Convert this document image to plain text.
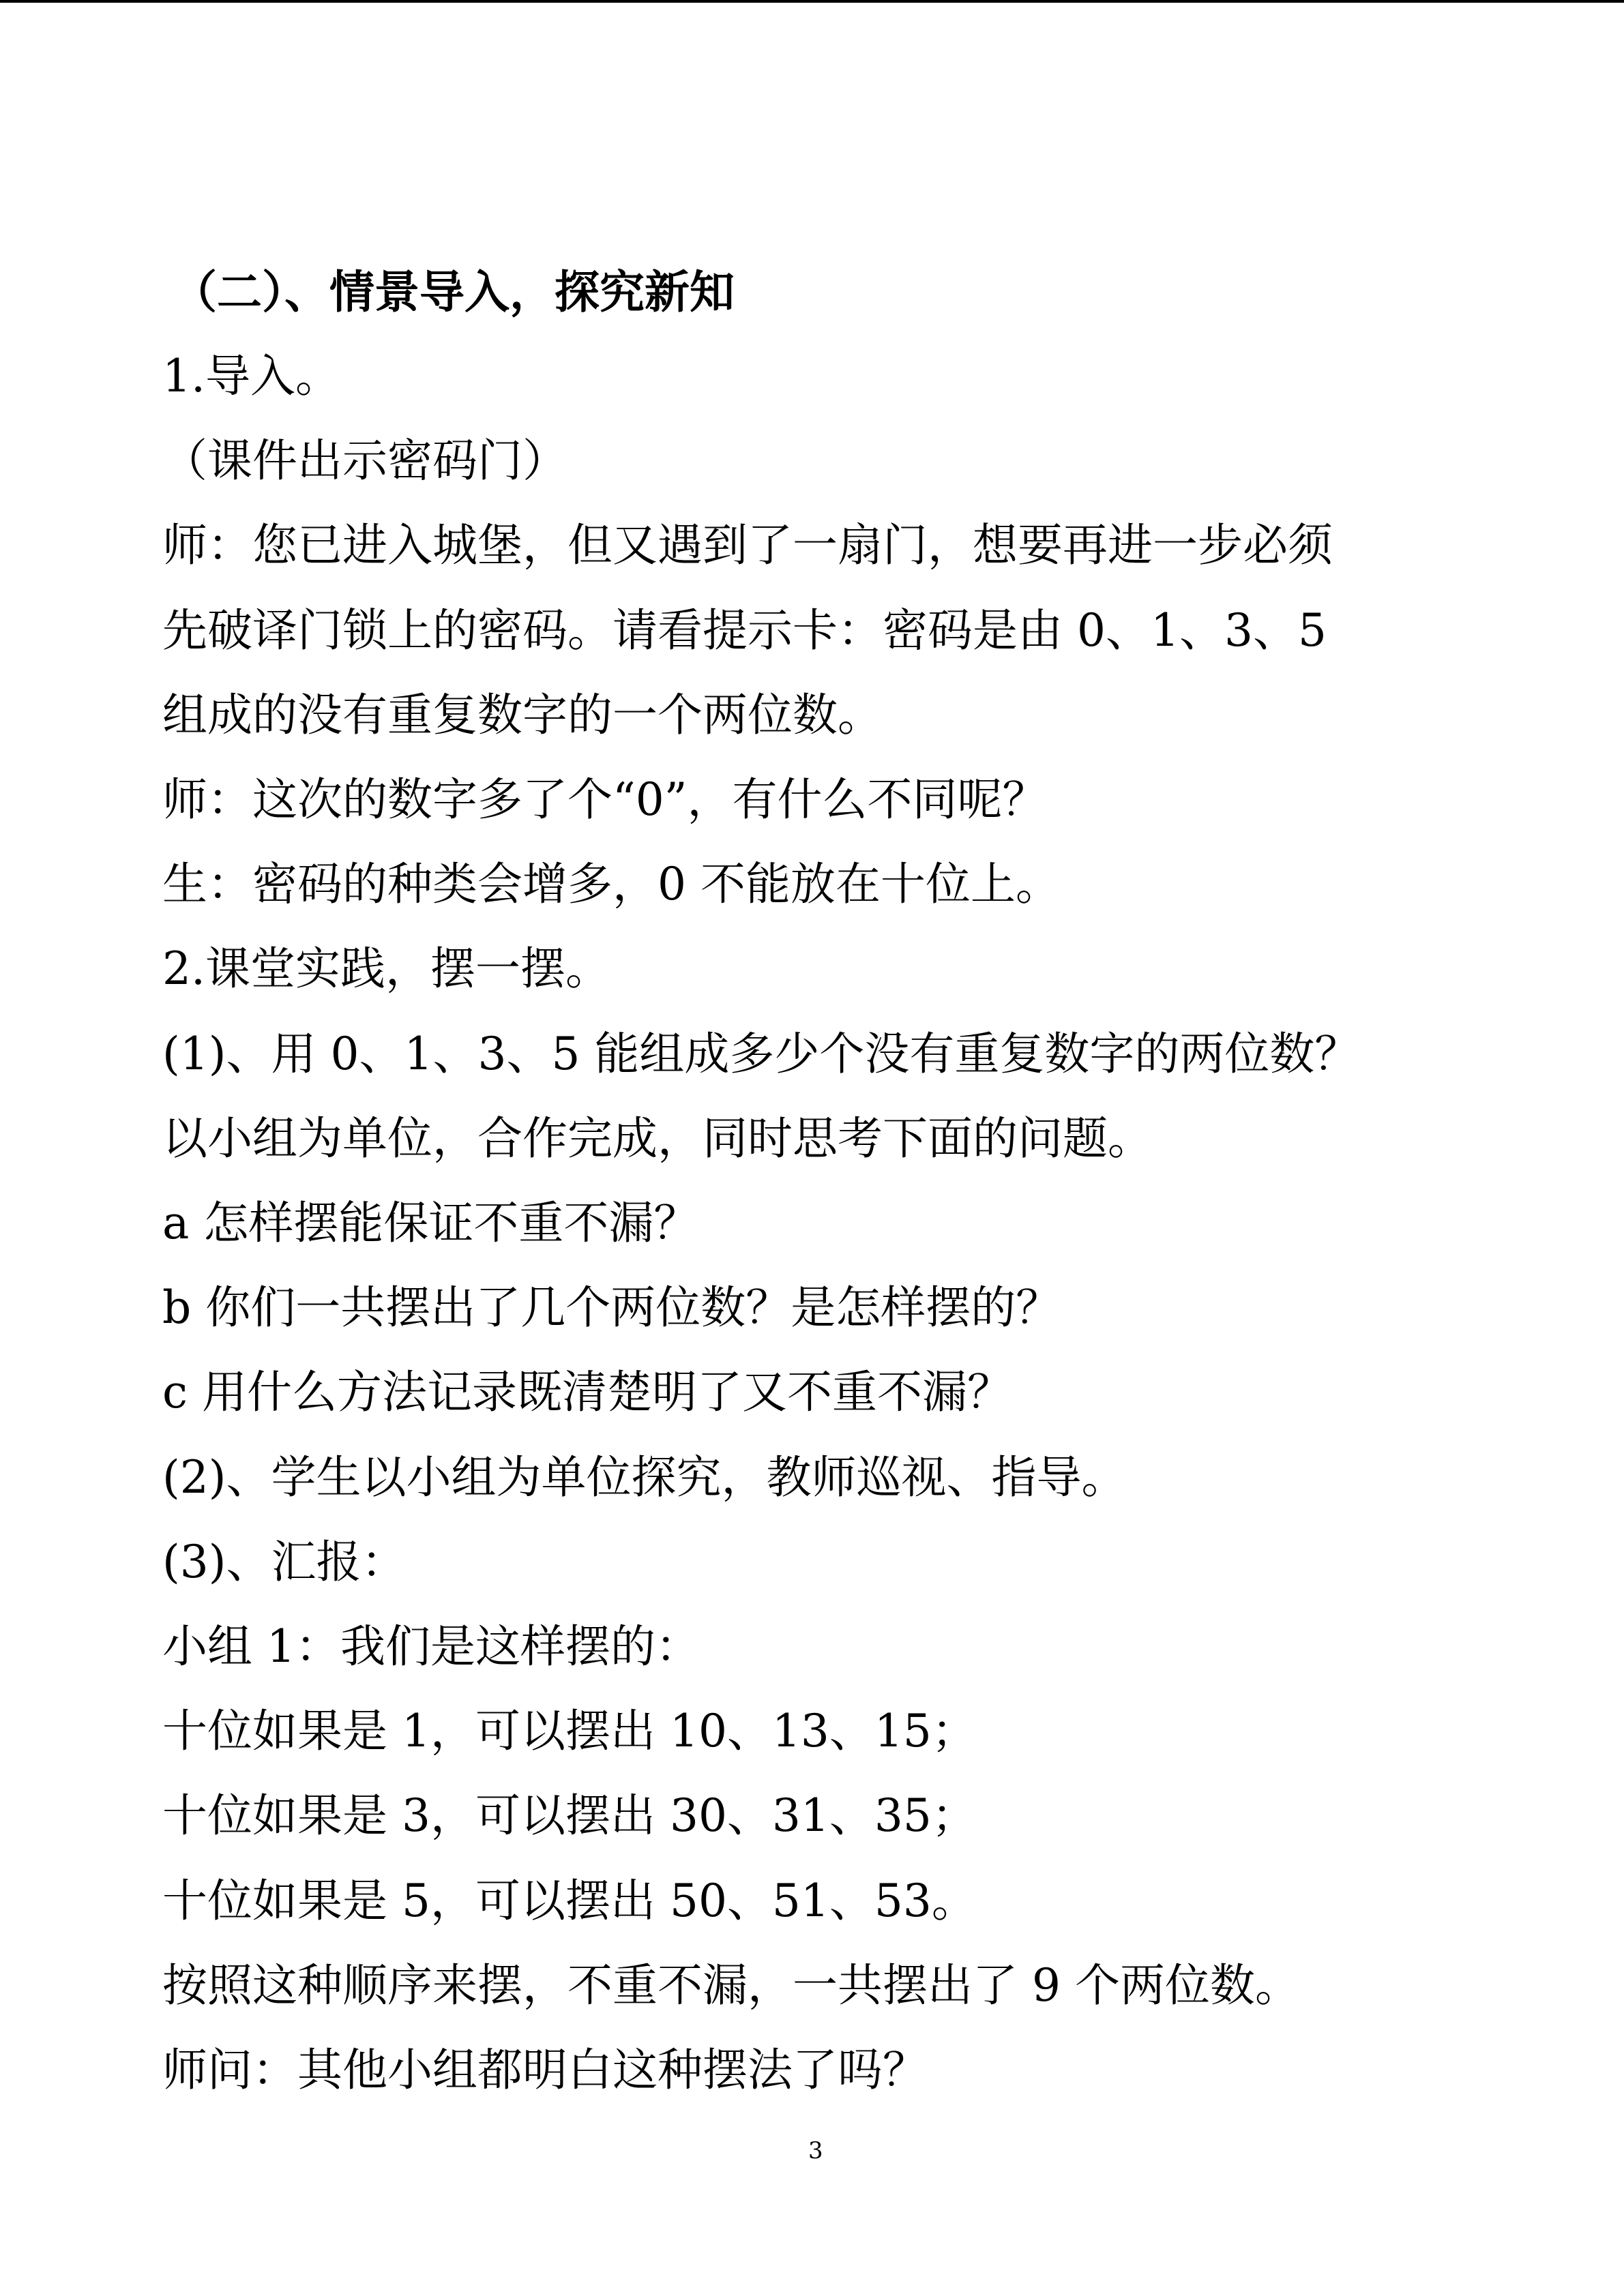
（二）、情景导入，探究新知
1.导入。
（课件出示密码门）
师：您已进入城堡，但又遇到了一扇门，想要再进一步必须
先破译门锁上的密码。请看提示卡：密码是由 0、1、3、5
组成的没有重复数字的一个两位数。
师：这次的数字多了个“0”，有什么不同呢？
生：密码的种类会增多，0 不能放在十位上。
2.课堂实践，摆一摆。
(1)、用 0、1、3、5 能组成多少个没有重复数字的两位数？
以小组为单位，合作完成，同时思考下面的问题。
a 怎样摆能保证不重不漏？
b 你们一共摆出了几个两位数？是怎样摆的？
c 用什么方法记录既清楚明了又不重不漏？
(2)、学生以小组为单位探究，教师巡视、指导。
(3)、汇报：
小组 1：我们是这样摆的：
十位如果是 1，可以摆出 10、13、15；
十位如果是 3，可以摆出 30、31、35；
十位如果是 5，可以摆出 50、51、53。
按照这种顺序来摆，不重不漏，一共摆出了 9 个两位数。
师问：其他小组都明白这种摆法了吗？
3
